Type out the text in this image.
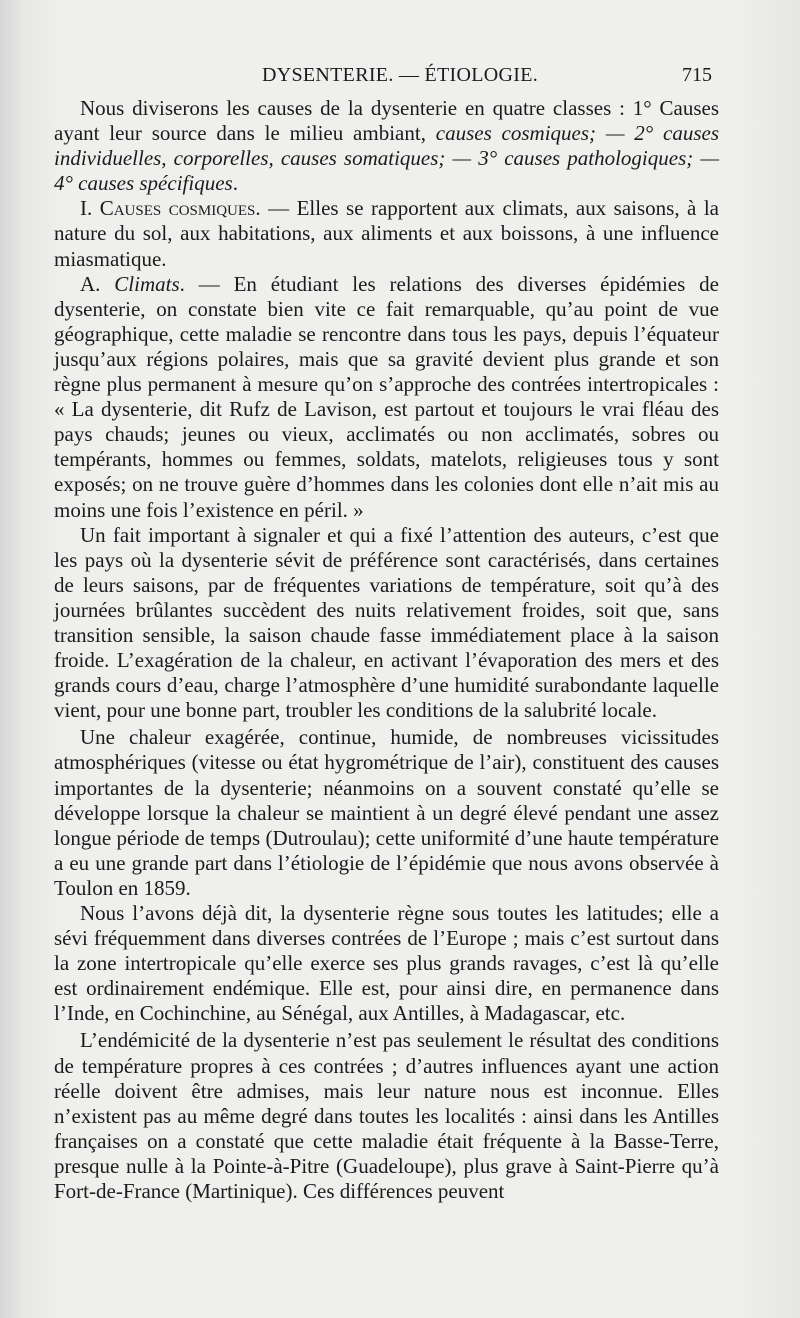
DYSENTERIE. — ÉTIOLOGIE.	715

Nous diviserons les causes de la dysenterie en quatre classes : 1° Causes ayant leur source dans le milieu ambiant, causes cosmiques; — 2° causes individuelles, corporelles, causes somatiques; — 3° causes pathologiques; — 4° causes spécifiques.

I. Causes cosmiques. — Elles se rapportent aux climats, aux saisons, à la nature du sol, aux habitations, aux aliments et aux boissons, à une influence miasmatique.

A. Climats. — En étudiant les relations des diverses épidémies de dysenterie, on constate bien vite ce fait remarquable, qu’au point de vue géographique, cette maladie se rencontre dans tous les pays, depuis l’équateur jusqu’aux régions polaires, mais que sa gravité devient plus grande et son règne plus permanent à mesure qu’on s’approche des contrées intertropicales : « La dysenterie, dit Rufz de Lavison, est partout et toujours le vrai fléau des pays chauds; jeunes ou vieux, acclimatés ou non acclimatés, sobres ou tempérants, hommes ou femmes, soldats, matelots, religieuses tous y sont exposés; on ne trouve guère d’hommes dans les colonies dont elle n’ait mis au moins une fois l’existence en péril. »

Un fait important à signaler et qui a fixé l’attention des auteurs, c’est que les pays où la dysenterie sévit de préférence sont caractérisés, dans certaines de leurs saisons, par de fréquentes variations de température, soit qu’à des journées brûlantes succèdent des nuits relativement froides, soit que, sans transition sensible, la saison chaude fasse immédiatement place à la saison froide. L’exagération de la chaleur, en activant l’évaporation des mers et des grands cours d’eau, charge l’atmosphère d’une humidité surabondante laquelle vient, pour une bonne part, troubler les conditions de la salubrité locale.

Une chaleur exagérée, continue, humide, de nombreuses vicissitudes atmosphériques (vitesse ou état hygrométrique de l’air), constituent des causes importantes de la dysenterie; néanmoins on a souvent constaté qu’elle se développe lorsque la chaleur se maintient à un degré élevé pendant une assez longue période de temps (Dutroulau); cette uniformité d’une haute température a eu une grande part dans l’étiologie de l’épidémie que nous avons observée à Toulon en 1859.

Nous l’avons déjà dit, la dysenterie règne sous toutes les latitudes; elle a sévi fréquemment dans diverses contrées de l’Europe ; mais c’est surtout dans la zone intertropicale qu’elle exerce ses plus grands ravages, c’est là qu’elle est ordinairement endémique. Elle est, pour ainsi dire, en permanence dans l’Inde, en Cochinchine, au Sénégal, aux Antilles, à Madagascar, etc.

L’endémicité de la dysenterie n’est pas seulement le résultat des conditions de température propres à ces contrées ; d’autres influences ayant une action réelle doivent être admises, mais leur nature nous est inconnue. Elles n’existent pas au même degré dans toutes les localités : ainsi dans les Antilles françaises on a constaté que cette maladie était fréquente à la Basse-Terre, presque nulle à la Pointe-à-Pitre (Guadeloupe), plus grave à Saint-Pierre qu’à Fort-de-France (Martinique). Ces différences peuvent
